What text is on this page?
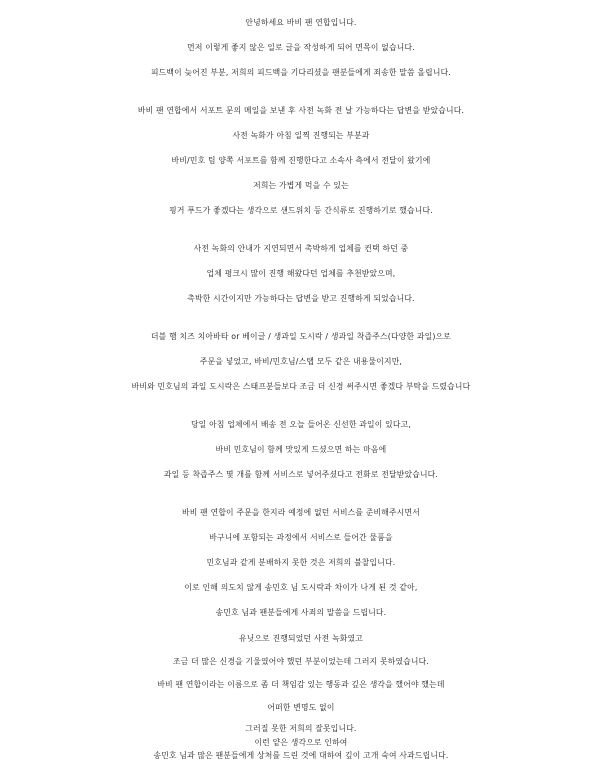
안녕하세요 바비 팬 연합입니다.
먼저 이렇게 좋지 않은 일로 글을 작성하게 되어 면목이 없습니다.
피드백이 늦어진 부분, 저희의 피드백을 기다리셨을 팬분들에게 죄송한 말씀 올립니다.
바비 팬 연합에서 서포트 문의 메일을 보낸 후 사전 녹화 전 날 가능하다는 답변을 받았습니다.
사전 녹화가 아침 일찍 진행되는 부분과
바비/민호 팀 양쪽 서포트를 함께 진행한다고 소속사 측에서 전달이 왔기에
저희는 가볍게 먹을 수 있는
핑거 푸드가 좋겠다는 생각으로 샌드위치 등 간식류로 진행하기로 했습니다.
사전 녹화의 안내가 지연되면서 촉박하게 업체를 컨택 하던 중
업체 평크시 많이 진행 해왔다던 업체를 추천받았으며,
촉박한 시간이지만 가능하다는 답변을 받고 진행하게 되었습니다.
더블 햄 치즈 치아바타 or 베이글 / 생과일 도시락 / 생과일 착즙주스(다양한 과일)으로
주문을 넣었고, 바비/민호님/스탭 모두 같은 내용물이지만,
바비와 민호님의 과일 도시락은 스태프분들보다 조금 더 신경 써주시면 좋겠다 부탁을 드렸습니다
당일 아침 업체에서 배송 전 오늘 들어온 신선한 과일이 있다고,
바비 민호님이 함께 맛있게 드셨으면 하는 마음에
과일 등 착즙주스 몇 개를 함께 서비스로 넣어주셨다고 전화로 전달받았습니다.
바비 팬 연합이 주문을 한지라 예정에 없던 서비스를 준비해주시면서
바구니에 포함되는 과정에서 서비스로 들어간 물품을
민호님과 같게 분배하지 못한 것은 저희의 불찰입니다.
이로 인해 의도치 않게 송민호 님 도시락과 차이가 나게 된 것 같아,
송민호 님과 팬분들에게 사죄의 말씀을 드립니다.
유닛으로 진행되었던 사전 녹화였고
조금 더 많은 신경을 기울였어야 했던 부분이었는데 그러지 못하였습니다.
바비 팬 연합이라는 이름으로 좀 더 책임감 있는 행동과 깊은 생각을 했어야 했는데
어떠한 변명도 없이
그러질 못한 저희의 잘못입니다.
이런 얕은 생각으로 인하여
송민호 님과 많은 팬분들에게 상처를 드린 것에 대하여 깊이 고개 숙여 사과드립니다.
